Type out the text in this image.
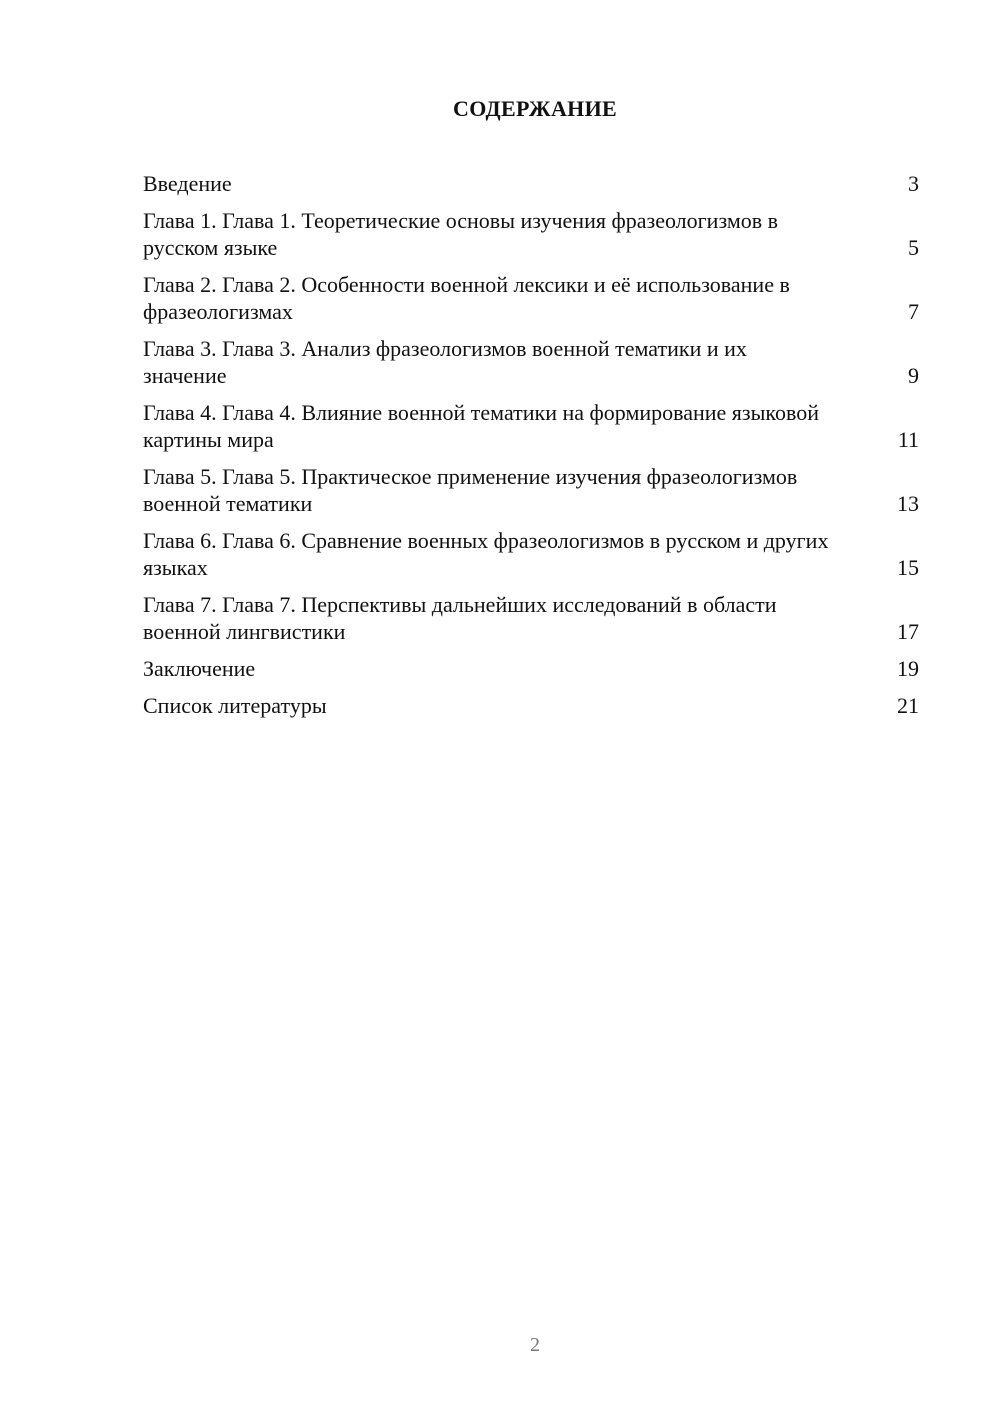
СОДЕРЖАНИЕ
Введение	3
Глава 1. Глава 1. Теоретические основы изучения фразеологизмов в русском языке	5
Глава 2. Глава 2. Особенности военной лексики и её использование в фразеологизмах	7
Глава 3. Глава 3. Анализ фразеологизмов военной тематики и их значение	9
Глава 4. Глава 4. Влияние военной тематики на формирование языковой картины мира	11
Глава 5. Глава 5. Практическое применение изучения фразеологизмов военной тематики	13
Глава 6. Глава 6. Сравнение военных фразеологизмов в русском и других языках	15
Глава 7. Глава 7. Перспективы дальнейших исследований в области военной лингвистики	17
Заключение	19
Список литературы	21
2
